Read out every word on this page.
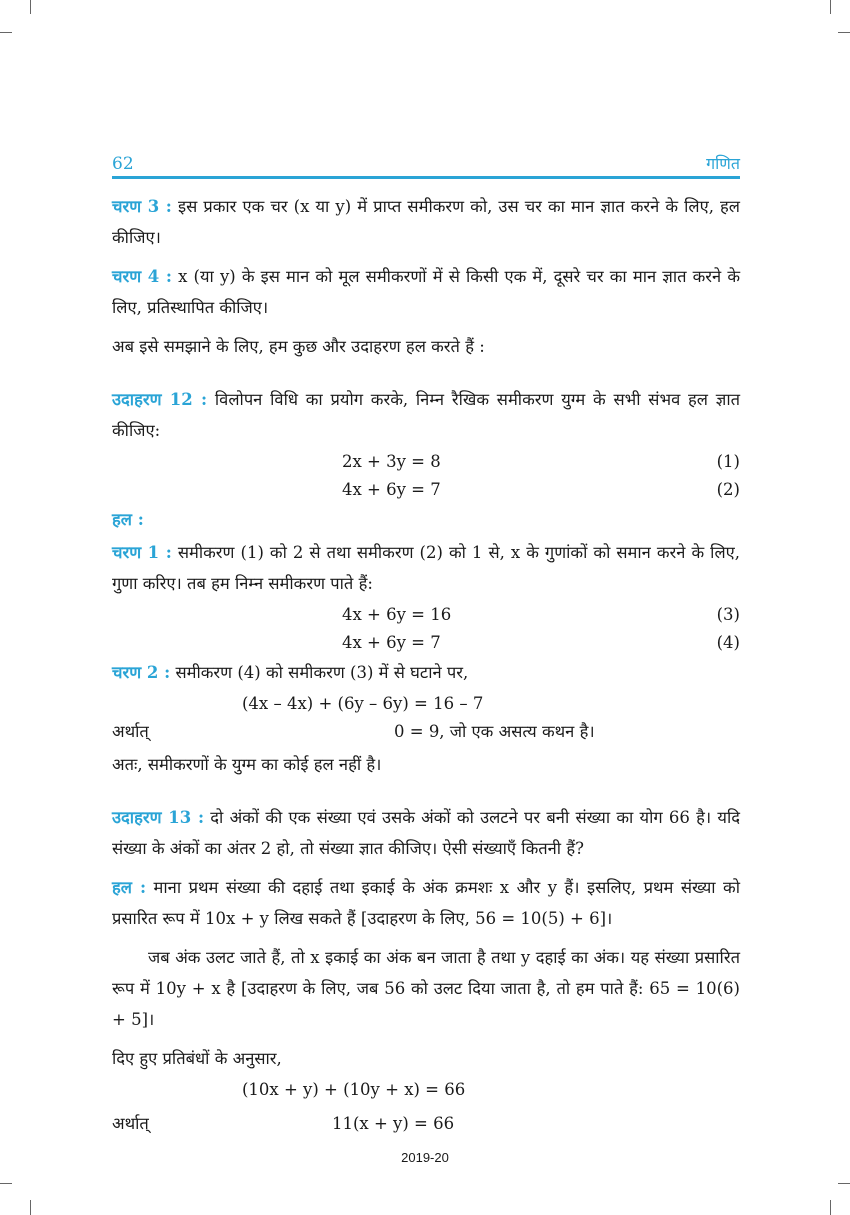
62	गणित

चरण 3 : इस प्रकार एक चर (x या y) में प्राप्त समीकरण को, उस चर का मान ज्ञात करने के लिए, हल कीजिए।

चरण 4 : x (या y) के इस मान को मूल समीकरणों में से किसी एक में, दूसरे चर का मान ज्ञात करने के लिए, प्रतिस्थापित कीजिए।

अब इसे समझाने के लिए, हम कुछ और उदाहरण हल करते हैं :

उदाहरण 12 : विलोपन विधि का प्रयोग करके, निम्न रैखिक समीकरण युग्म के सभी संभव हल ज्ञात कीजिए:

2x + 3y = 8	(1)
4x + 6y = 7	(2)

हल :

चरण 1 : समीकरण (1) को 2 से तथा समीकरण (2) को 1 से, x के गुणांकों को समान करने के लिए, गुणा करिए। तब हम निम्न समीकरण पाते हैं:

4x + 6y = 16	(3)
4x + 6y = 7	(4)

चरण 2 : समीकरण (4) को समीकरण (3) में से घटाने पर,

(4x – 4x) + (6y – 6y) = 16 – 7
अर्थात्	0 = 9, जो एक असत्य कथन है।

अतः, समीकरणों के युग्म का कोई हल नहीं है।

उदाहरण 13 : दो अंकों की एक संख्या एवं उसके अंकों को उलटने पर बनी संख्या का योग 66 है। यदि संख्या के अंकों का अंतर 2 हो, तो संख्या ज्ञात कीजिए। ऐसी संख्याएँ कितनी हैं?

हल : माना प्रथम संख्या की दहाई तथा इकाई के अंक क्रमशः x और y हैं। इसलिए, प्रथम संख्या को प्रसारित रूप में 10x + y लिख सकते हैं [उदाहरण के लिए, 56 = 10(5) + 6]।

जब अंक उलट जाते हैं, तो x इकाई का अंक बन जाता है तथा y दहाई का अंक। यह संख्या प्रसारित रूप में 10y + x है [उदाहरण के लिए, जब 56 को उलट दिया जाता है, तो हम पाते हैं: 65 = 10(6) + 5]।

दिए हुए प्रतिबंधों के अनुसार,

(10x + y) + (10y + x) = 66
अर्थात्	11(x + y) = 66
2019-20
